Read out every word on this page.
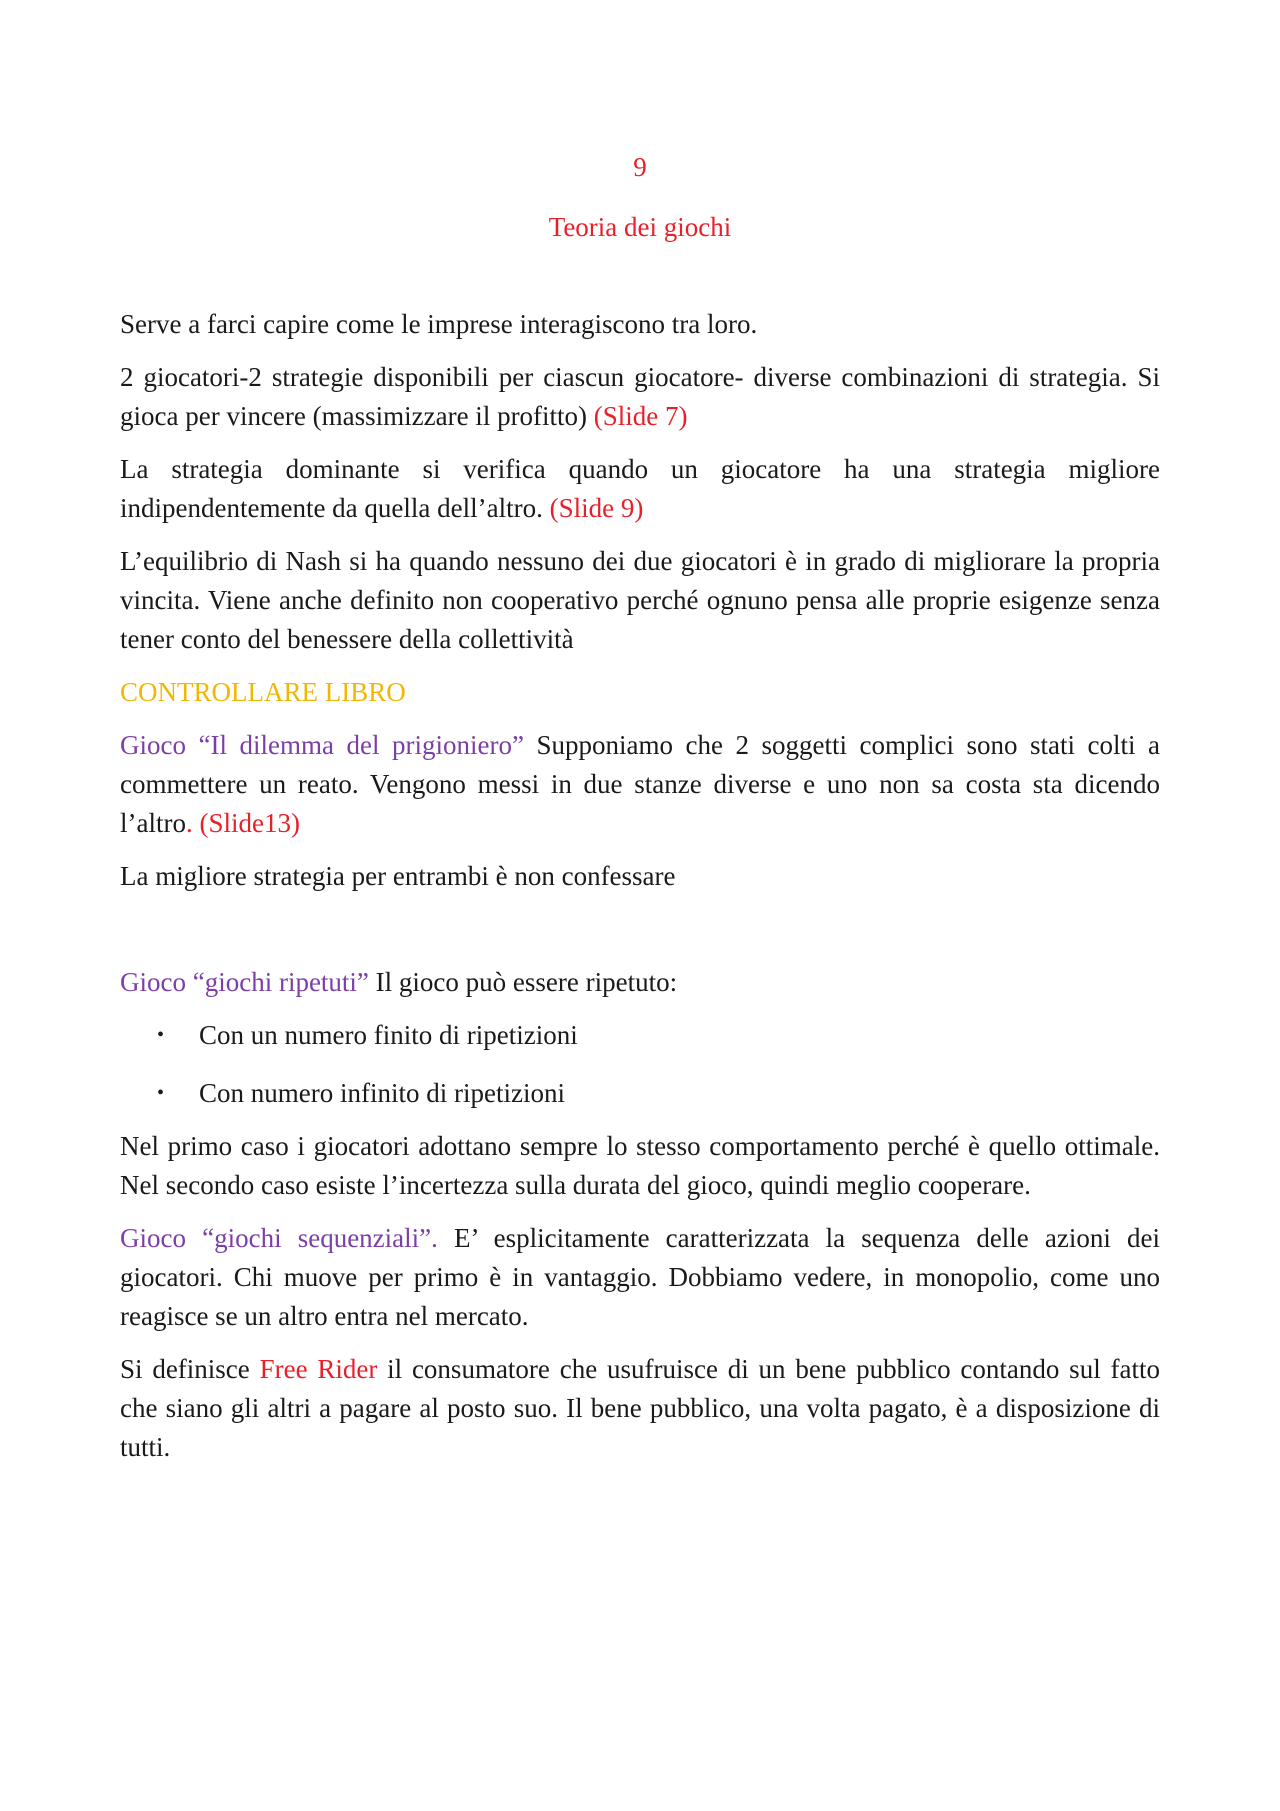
9
Teoria dei giochi

Serve a farci capire come le imprese interagiscono tra loro.

2 giocatori-2 strategie disponibili per ciascun giocatore- diverse combinazioni di strategia. Si gioca per vincere (massimizzare il profitto) (Slide 7)

La strategia dominante si verifica quando un giocatore ha una strategia migliore indipendentemente da quella dell’altro. (Slide 9)

L’equilibrio di Nash si ha quando nessuno dei due giocatori è in grado di migliorare la propria vincita. Viene anche definito non cooperativo perché ognuno pensa alle proprie esigenze senza tener conto del benessere della collettività

CONTROLLARE LIBRO

Gioco “Il dilemma del prigioniero” Supponiamo che 2 soggetti complici sono stati colti a commettere un reato. Vengono messi in due stanze diverse e uno non sa costa sta dicendo l’altro. (Slide13)

La migliore strategia per entrambi è non confessare

Gioco “giochi ripetuti” Il gioco può essere ripetuto:

• Con un numero finito di ripetizioni
• Con numero infinito di ripetizioni

Nel primo caso i giocatori adottano sempre lo stesso comportamento perché è quello ottimale. Nel secondo caso esiste l’incertezza sulla durata del gioco, quindi meglio cooperare.

Gioco “giochi sequenziali”. E’ esplicitamente caratterizzata la sequenza delle azioni dei giocatori. Chi muove per primo è in vantaggio. Dobbiamo vedere, in monopolio, come uno reagisce se un altro entra nel mercato.

Si definisce Free Rider il consumatore che usufruisce di un bene pubblico contando sul fatto che siano gli altri a pagare al posto suo. Il bene pubblico, una volta pagato, è a disposizione di tutti.
